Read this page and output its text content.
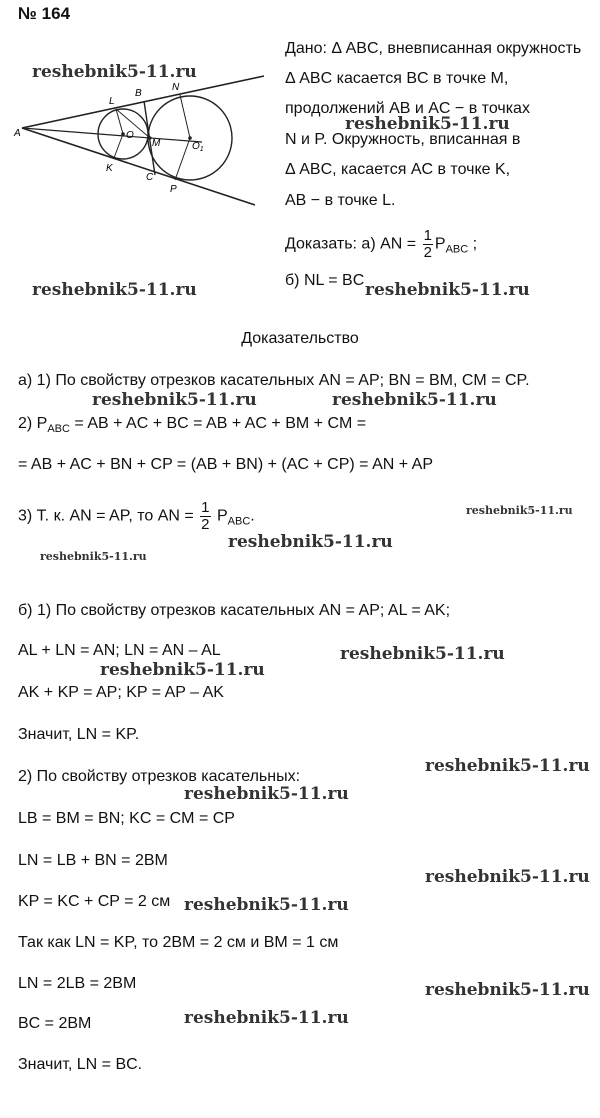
№ 164
A
L
B
N
O
M	$O_1$
K
C
P
Дано: Δ ABC, вневписанная окружность
Δ ABC касается BC в точке M,
продолжений AB и AC − в точках
N и P. Окружность, вписанная в
Δ ABC, касается AC в точке K,
AB − в точке L.
Доказать: а) AN = $\frac{1}{2} P_{ABC}$ ;
б) NL = BC
Доказательство
а) 1) По свойству отрезков касательных AN = AP; BN = BM, CM = CP.
2) $P_{ABC}$ = AB + AC + BC = AB + AC + BM + CM =
= AB + AC + BN + CP = (AB + BN) + (AC + CP) = AN + AP
3) Т. к. AN = AP, то AN = $\frac{1}{2} P_{ABC}$.
б) 1) По свойству отрезков касательных AN = AP; AL = AK;
AL + LN = AN; LN = AN – AL
AK + KP = AP; KP = AP – AK
Значит, LN = KP.
2) По свойству отрезков касательных:
LB = BM = BN; KC = CM = CP
LN = LB + BN = 2BM
KP = KC + CP = 2 см
Так как LN = KP, то 2BM = 2 см и BM = 1 см
LN = 2LB = 2BM
BC = 2BM
Значит, LN = BC.
reshebnik5-11.ru
reshebnik5-11.ru
reshebnik5-11.ru	reshebnik5-11.ru
reshebnik5-11.ru	reshebnik5-11.ru
reshebnik5-11.ru
reshebnik5-11.ru
reshebnik5-11.ru
reshebnik5-11.ru
reshebnik5-11.ru
reshebnik5-11.ru
reshebnik5-11.ru
reshebnik5-11.ru
reshebnik5-11.ru
reshebnik5-11.ru
reshebnik5-11.ru
